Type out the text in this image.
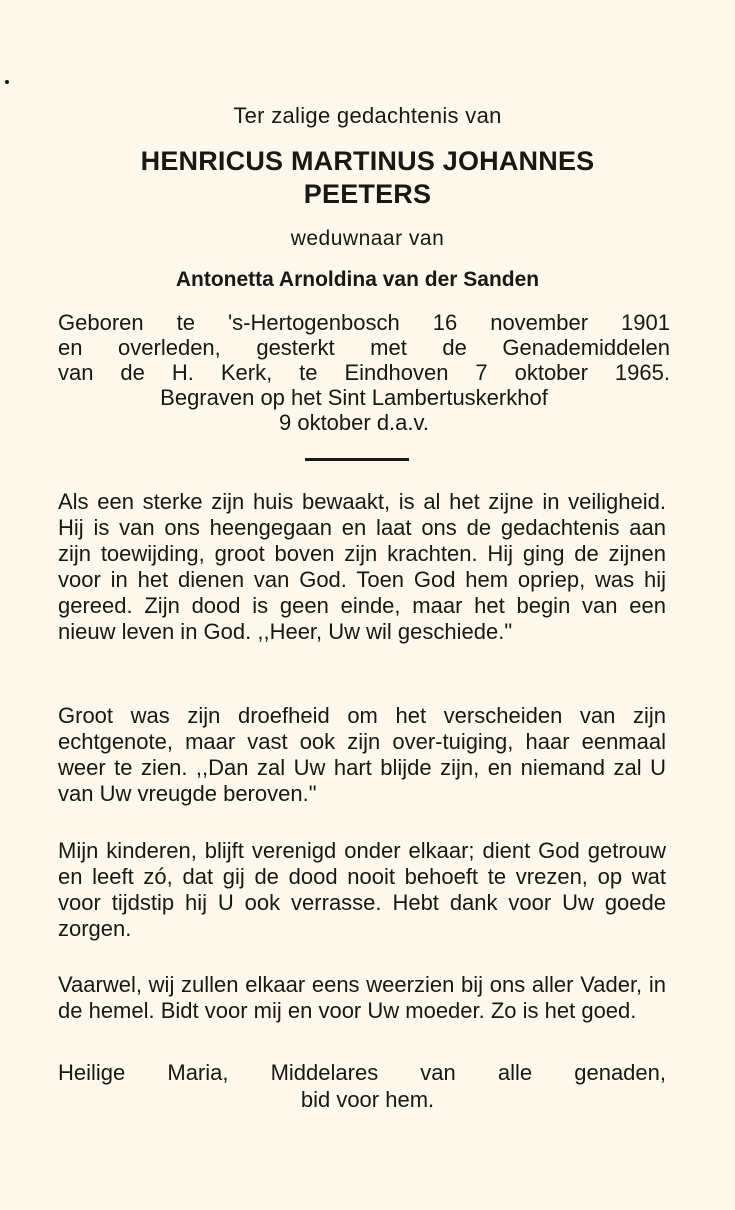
Ter zalige gedachtenis van
HENRICUS MARTINUS JOHANNES
PEETERS
weduwnaar van
Antonetta Arnoldina van der Sanden
Geboren te 's-Hertogenbosch 16 november 1901
en overleden, gesterkt met de Genademiddelen
van de H. Kerk, te Eindhoven 7 oktober 1965.
Begraven op het Sint Lambertuskerkhof
9 oktober d.a.v.

Als een sterke zijn huis bewaakt, is al het zijne in veiligheid. Hij is van ons heengegaan en laat ons de gedachtenis aan zijn toewijding, groot boven zijn krachten. Hij ging de zijnen voor in het dienen van God. Toen God hem opriep, was hij gereed. Zijn dood is geen einde, maar het begin van een nieuw leven in God. ,,Heer, Uw wil geschiede."

Groot was zijn droefheid om het verscheiden van zijn echtgenote, maar vast ook zijn over-tuiging, haar eenmaal weer te zien. ,,Dan zal Uw hart blijde zijn, en niemand zal U van Uw vreugde beroven."

Mijn kinderen, blijft verenigd onder elkaar; dient God getrouw en leeft zó, dat gij de dood nooit behoeft te vrezen, op wat voor tijdstip hij U ook verrasse. Hebt dank voor Uw goede zorgen.

Vaarwel, wij zullen elkaar eens weerzien bij ons aller Vader, in de hemel. Bidt voor mij en voor Uw moeder. Zo is het goed.

Heilige Maria, Middelares van alle genaden,
bid voor hem.
